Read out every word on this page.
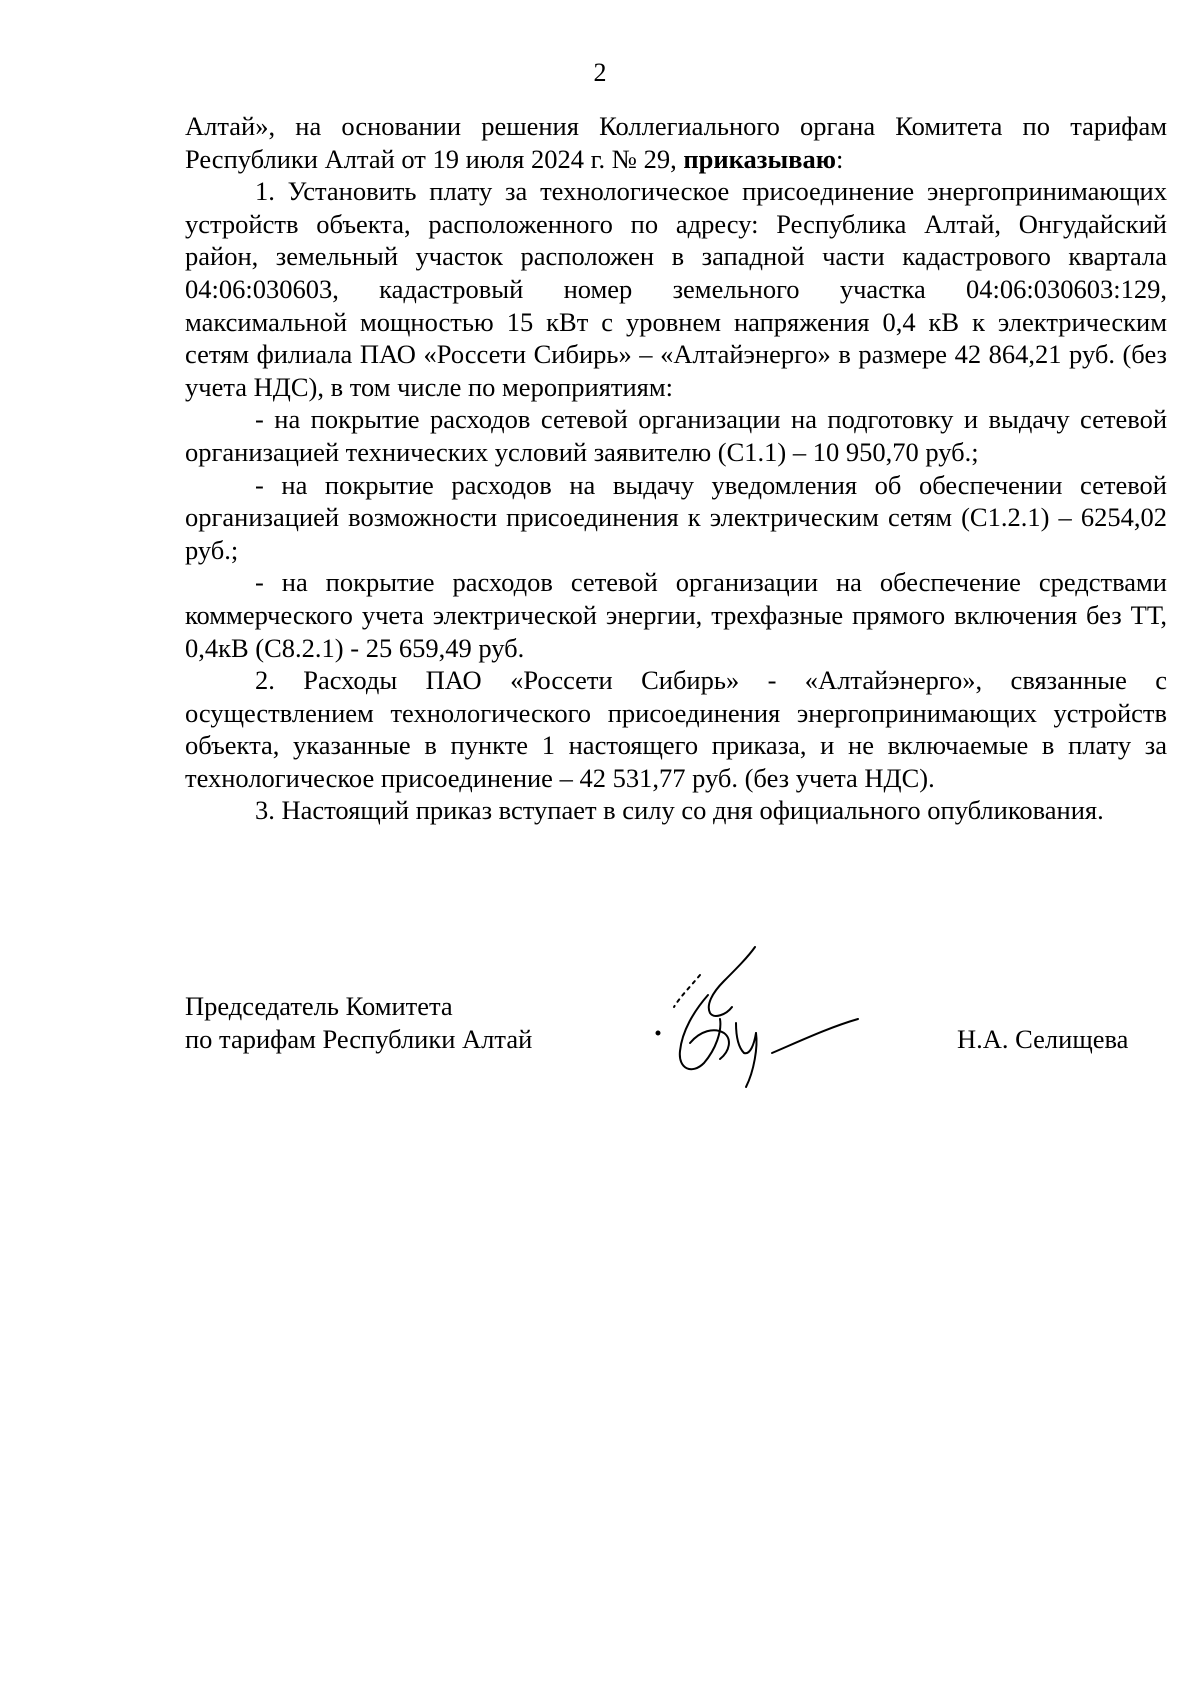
2

Алтай», на основании решения Коллегиального органа Комитета по тарифам Республики Алтай от 19 июля 2024 г. № 29, приказываю:

1. Установить плату за технологическое присоединение энергопринимающих устройств объекта, расположенного по адресу: Республика Алтай, Онгудайский район, земельный участок расположен в западной части кадастрового квартала 04:06:030603, кадастровый номер земельного участка 04:06:030603:129, максимальной мощностью 15 кВт с уровнем напряжения 0,4 кВ к электрическим сетям филиала ПАО «Россети Сибирь» – «Алтайэнерго» в размере 42 864,21 руб. (без учета НДС), в том числе по мероприятиям:

- на покрытие расходов сетевой организации на подготовку и выдачу сетевой организацией технических условий заявителю (С1.1) – 10 950,70 руб.;

- на покрытие расходов на выдачу уведомления об обеспечении сетевой организацией возможности присоединения к электрическим сетям (С1.2.1) – 6254,02 руб.;

- на покрытие расходов сетевой организации на обеспечение средствами коммерческого учета электрической энергии, трехфазные прямого включения без ТТ, 0,4кВ (С8.2.1) - 25 659,49 руб.

2. Расходы ПАО «Россети Сибирь» - «Алтайэнерго», связанные с осуществлением технологического присоединения энергопринимающих устройств объекта, указанные в пункте 1 настоящего приказа, и не включаемые в плату за технологическое присоединение – 42 531,77 руб. (без учета НДС).

3. Настоящий приказ вступает в силу со дня официального опубликования.

Председатель Комитета
по тарифам Республики Алтай	Н.А. Селищева
